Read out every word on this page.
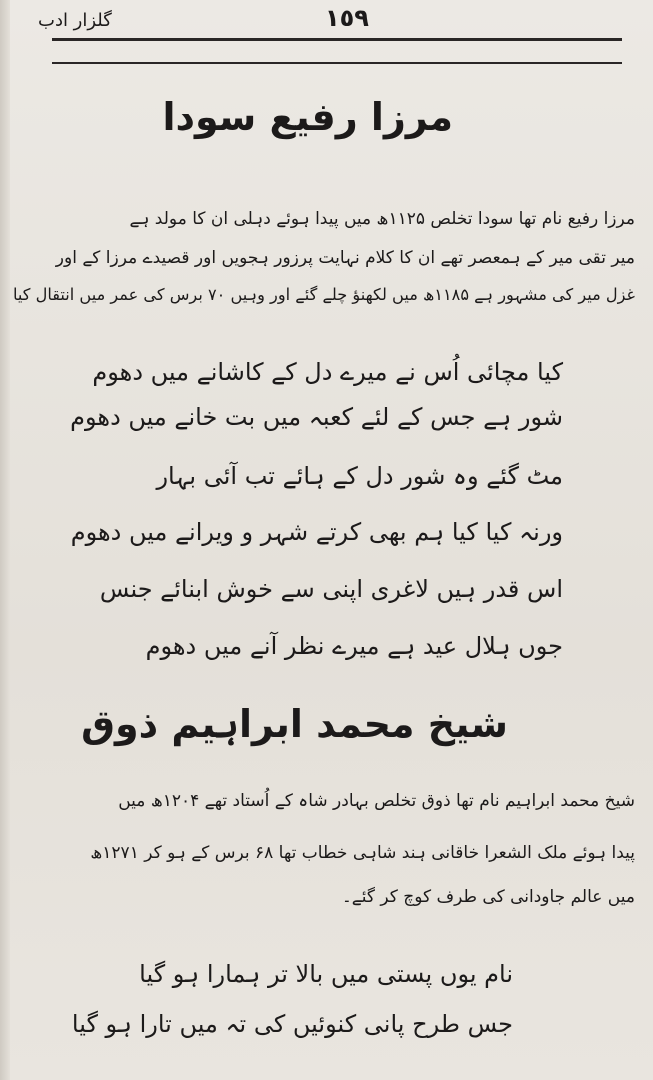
١٥٩
گلزار ادب
مرزا رفیع سودا
مرزا رفیع نام تھا سودا تخلص ۱۱۲۵ھ میں پیدا ہوئے دہلی ان کا مولد ہے
میر تقی میر کے ہمعصر تھے ان کا کلام نہایت پرزور ہجویں اور قصیدے مرزا کے اور
غزل میر کی مشہور ہے ۱۱۸۵ھ میں لکھنؤ چلے گئے اور وہیں ۷۰ برس کی عمر میں انتقال کیا
کیا مچائی اُس نے میرے دل کے کاشانے میں دھوم
شور ہے جس کے لئے کعبہ میں بت خانے میں دھوم
مٹ گئے وہ شور دل کے ہائے تب آئی بہار
ورنہ کیا کیا ہم بھی کرتے شہر و ویرانے میں دھوم
اس قدر ہیں لاغری اپنی سے خوش ابنائے جنس
جوں ہلال عید ہے میرے نظر آنے میں دھوم
شیخ محمد ابراہیم ذوق
شیخ محمد ابراہیم نام تھا ذوق تخلص بہادر شاہ کے اُستاد تھے ۱۲۰۴ھ میں
پیدا ہوئے ملک الشعرا خاقانی ہند شاہی خطاب تھا ۶۸ برس کے ہو کر ۱۲۷۱ھ
میں عالم جاودانی کی طرف کوچ کر گئے۔
نام یوں پستی میں بالا تر ہمارا ہو گیا
جس طرح پانی کنوئیں کی تہ میں تارا ہو گیا
